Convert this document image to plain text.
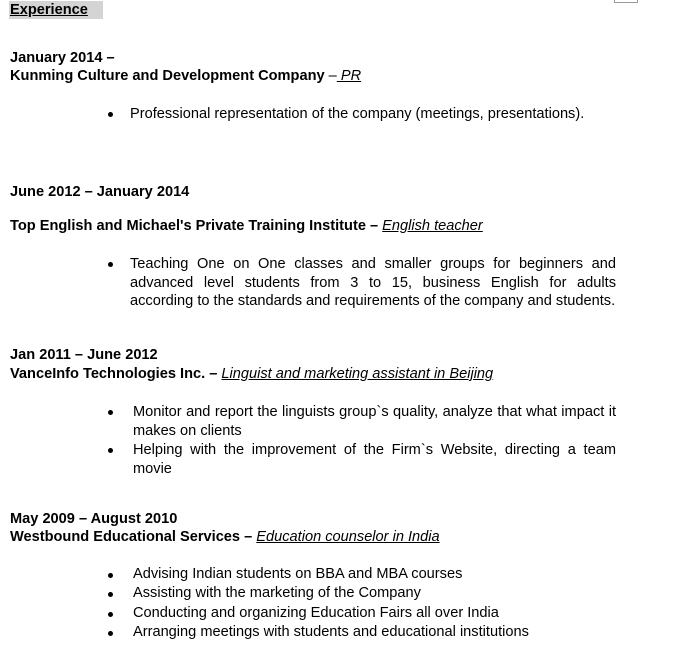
Experience
January 2014 –
Kunming Culture and Development Company – PR
Professional representation of the company (meetings, presentations).
June 2012 – January 2014
Top English and Michael's Private Training Institute – English teacher
Teaching One on One classes and smaller groups for beginners and advanced level students from 3 to 15, business English for adults according to the standards and requirements of the company and students.
Jan 2011 – June 2012
VanceInfo Technologies Inc. – Linguist and marketing assistant in Beijing
Monitor and report the linguists group`s quality, analyze that what impact it makes on clients
Helping with the improvement of the Firm`s Website, directing a team movie
May 2009 – August 2010
Westbound Educational Services – Education counselor in India
Advising Indian students on BBA and MBA courses
Assisting with the marketing of the Company
Conducting and organizing Education Fairs all over India
Arranging meetings with students and educational institutions
